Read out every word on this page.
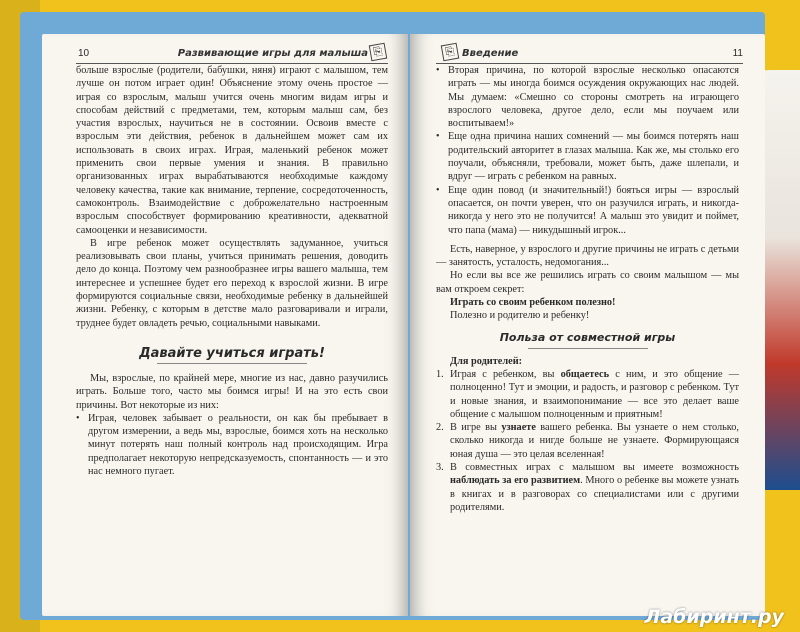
10	Развивающие игры для малыша ⎘

больше взрослые (родители, бабушки, няня) играют с малышом, тем лучше он потом играет один! Объяснение этому очень простое — играя со взрослым, малыш учится очень многим видам игры и способам действий с предметами, тем, которым малыш сам, без участия взрослых, научиться не в состоянии. Освоив вместе с взрослым эти действия, ребенок в дальнейшем может сам их использовать в своих играх. Играя, маленький ребенок может применить свои первые умения и знания. В правильно организованных играх вырабатываются необходимые каждому человеку качества, такие как внимание, терпение, сосредоточенность, самоконтроль. Взаимодействие с доброжелательно настроенным взрослым способствует формированию креативности, адекватной самооценки и независимости.

В игре ребенок может осуществлять задуманное, учиться реализовывать свои планы, учиться принимать решения, доводить дело до конца. Поэтому чем разнообразнее игры вашего малыша, тем интереснее и успешнее будет его переход к взрослой жизни. В игре формируются социальные связи, необходимые ребенку в дальнейшей жизни. Ребенку, с которым в детстве мало разговаривали и играли, труднее будет овладеть речью, социальными навыками.

Давайте учиться играть!

Мы, взрослые, по крайней мере, многие из нас, давно разучились играть. Больше того, часто мы боимся игры! И на это есть свои причины. Вот некоторые из них:

• Играя, человек забывает о реальности, он как бы пребывает в другом измерении, а ведь мы, взрослые, боимся хоть на несколько минут потерять наш полный контроль над происходящим. Игра предполагает некоторую непредсказуемость, спонтанность — и это нас немного пугает.

⎘ Введение	11
• Вторая причина, по которой взрослые несколько опасаются играть — мы иногда боимся осуждения окружающих нас людей. Мы думаем: «Смешно со стороны смотреть на играющего взрослого человека, другое дело, если мы поучаем или воспитываем!»

• Еще одна причина наших сомнений — мы боимся потерять наш родительский авторитет в глазах малыша. Как же, мы столько его поучали, объясняли, требовали, может быть, даже шлепали, и вдруг — играть с ребенком на равных.

• Еще один повод (и значительный!) бояться игры — взрослый опасается, он почти уверен, что он разучился играть, и никогда-никогда у него это не получится! А малыш это увидит и поймет, что папа (мама) — никудышный игрок...

Есть, наверное, у взрослого и другие причины не играть с детьми — занятость, усталость, недомогания...

Но если вы все же решились играть со своим малышом — мы вам откроем секрет:

Играть со своим ребенком полезно!

Полезно и родителю и ребенку!

Польза от совместной игры

Для родителей:

1. Играя с ребенком, вы общаетесь с ним, и это общение — полноценно! Тут и эмоции, и радость, и разговор с ребенком. Тут и новые знания, и взаимопонимание — все это делает ваше общение с малышом полноценным и приятным!

2. В игре вы узнаете вашего ребенка. Вы узнаете о нем столько, сколько никогда и нигде больше не узнаете. Формирующаяся юная душа — это целая вселенная!

3. В совместных играх с малышом вы имеете возможность наблюдать за его развитием. Много о ребенке вы можете узнать в книгах и в разговорах со специалистами или с другими родителями.

Лабиринт.ру
